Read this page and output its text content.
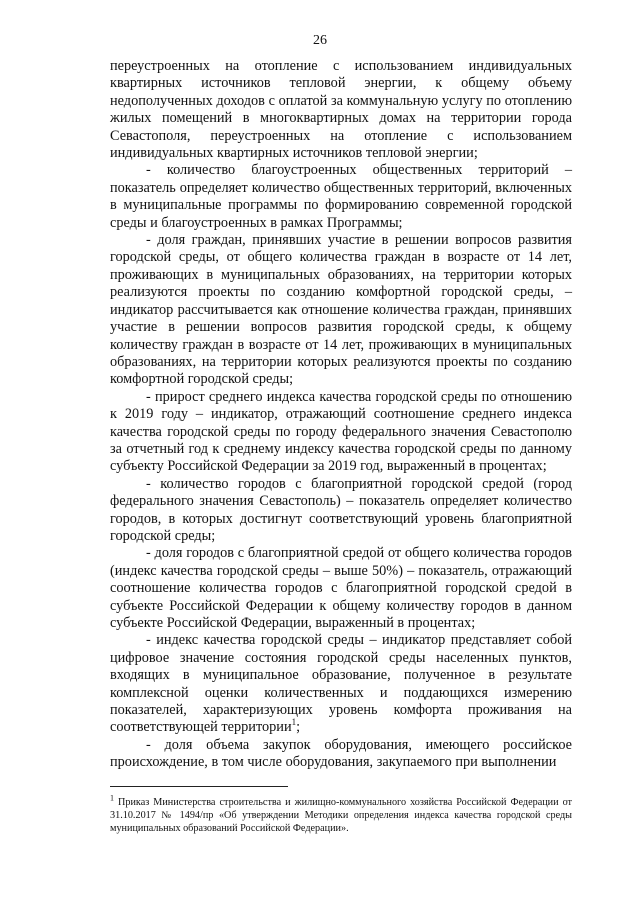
26

переустроенных на отопление с использованием индивидуальных квартирных источников тепловой энергии, к общему объему недополученных доходов с оплатой за коммунальную услугу по отоплению жилых помещений в многоквартирных домах на территории города Севастополя, переустроенных на отопление с использованием индивидуальных квартирных источников тепловой энергии;

- количество благоустроенных общественных территорий – показатель определяет количество общественных территорий, включенных в муниципальные программы по формированию современной городской среды и благоустроенных в рамках Программы;

- доля граждан, принявших участие в решении вопросов развития городской среды, от общего количества граждан в возрасте от 14 лет, проживающих в муниципальных образованиях, на территории которых реализуются проекты по созданию комфортной городской среды, – индикатор рассчитывается как отношение количества граждан, принявших участие в решении вопросов развития городской среды, к общему количеству граждан в возрасте от 14 лет, проживающих в муниципальных образованиях, на территории которых реализуются проекты по созданию комфортной городской среды;

- прирост среднего индекса качества городской среды по отношению к 2019 году – индикатор, отражающий соотношение среднего индекса качества городской среды по городу федерального значения Севастополю за отчетный год к среднему индексу качества городской среды по данному субъекту Российской Федерации за 2019 год, выраженный в процентах;

- количество городов с благоприятной городской средой (город федерального значения Севастополь) – показатель определяет количество городов, в которых достигнут соответствующий уровень благоприятной городской среды;

- доля городов с благоприятной средой от общего количества городов (индекс качества городской среды – выше 50%) – показатель, отражающий соотношение количества городов с благоприятной городской средой в субъекте Российской Федерации к общему количеству городов в данном субъекте Российской Федерации, выраженный в процентах;

- индекс качества городской среды – индикатор представляет собой цифровое значение состояния городской среды населенных пунктов, входящих в муниципальное образование, полученное в результате комплексной оценки количественных и поддающихся измерению показателей, характеризующих уровень комфорта проживания на соответствующей территории$^1$;

- доля объема закупок оборудования, имеющего российское происхождение, в том числе оборудования, закупаемого при выполнении

$^1$ Приказ Министерства строительства и жилищно-коммунального хозяйства Российской Федерации от 31.10.2017 № 1494/пр «Об утверждении Методики определения индекса качества городской среды муниципальных образований Российской Федерации».
